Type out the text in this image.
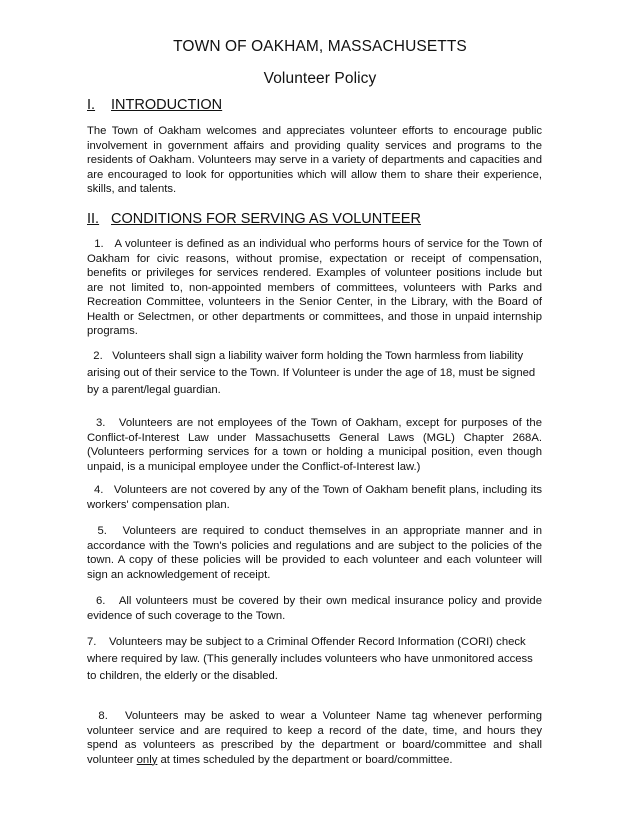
TOWN OF OAKHAM, MASSACHUSETTS
Volunteer Policy
I. INTRODUCTION

The Town of Oakham welcomes and appreciates volunteer efforts to encourage public involvement in government affairs and providing quality services and programs to the residents of Oakham. Volunteers may serve in a variety of departments and capacities and are encouraged to look for opportunities which will allow them to share their experience, skills, and talents.

II. CONDITIONS FOR SERVING AS VOLUNTEER

1. A volunteer is defined as an individual who performs hours of service for the Town of Oakham for civic reasons, without promise, expectation or receipt of compensation, benefits or privileges for services rendered. Examples of volunteer positions include but are not limited to, non-appointed members of committees, volunteers with Parks and Recreation Committee, volunteers in the Senior Center, in the Library, with the Board of Health or Selectmen, or other departments or committees, and those in unpaid internship programs.

2. Volunteers shall sign a liability waiver form holding the Town harmless from liability arising out of their service to the Town. If Volunteer is under the age of 18, must be signed by a parent/legal guardian.

3. Volunteers are not employees of the Town of Oakham, except for purposes of the Conflict-of-Interest Law under Massachusetts General Laws (MGL) Chapter 268A. (Volunteers performing services for a town or holding a municipal position, even though unpaid, is a municipal employee under the Conflict-of-Interest law.)

4. Volunteers are not covered by any of the Town of Oakham benefit plans, including its workers' compensation plan.

5. Volunteers are required to conduct themselves in an appropriate manner and in accordance with the Town's policies and regulations and are subject to the policies of the town. A copy of these policies will be provided to each volunteer and each volunteer will sign an acknowledgement of receipt.

6. All volunteers must be covered by their own medical insurance policy and provide evidence of such coverage to the Town.

7. Volunteers may be subject to a Criminal Offender Record Information (CORI) check where required by law. (This generally includes volunteers who have unmonitored access to children, the elderly or the disabled.

8. Volunteers may be asked to wear a Volunteer Name tag whenever performing volunteer service and are required to keep a record of the date, time, and hours they spend as volunteers as prescribed by the department or board/committee and shall volunteer only at times scheduled by the department or board/committee.
